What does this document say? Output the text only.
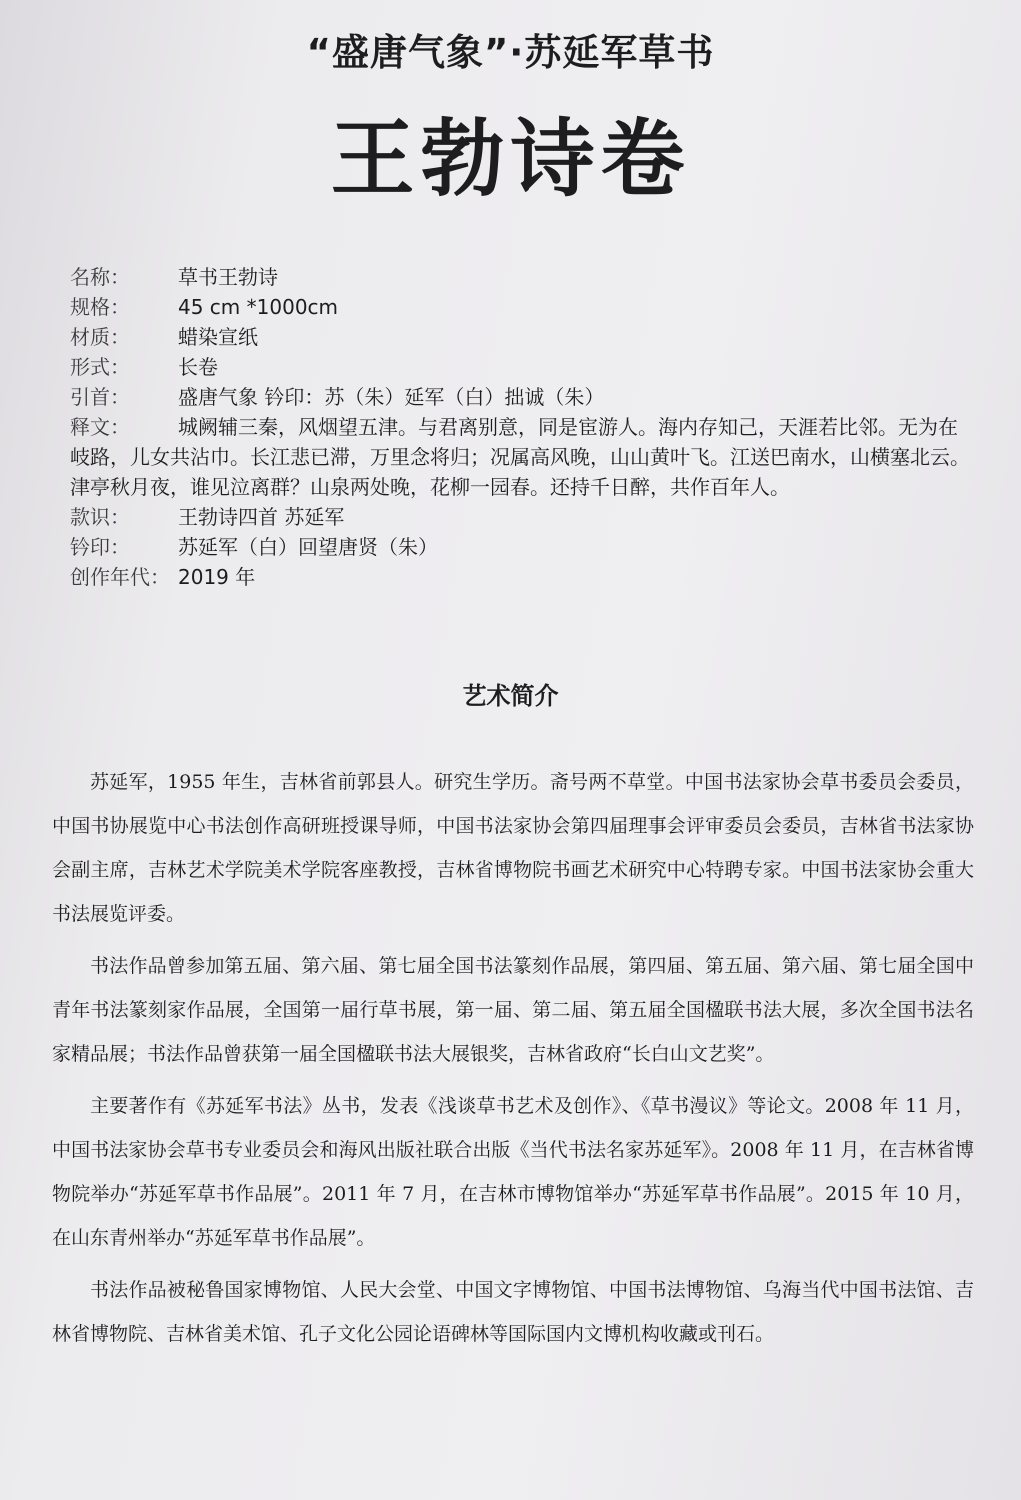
“盛唐气象”·苏延军草书
王勃诗卷
名称：	草书王勃诗
规格：	45 cm *1000cm
材质：	蜡染宣纸
形式：	长卷
引首：	盛唐气象 钤印：苏（朱）延军（白）拙诚（朱）
释文： 城阙辅三秦，风烟望五津。与君离别意，同是宦游人。海内存知己，天涯若比邻。无为在岐路，儿女共沾巾。长江悲已滞，万里念将归；况属高风晚，山山黄叶飞。江送巴南水，山横塞北云。津亭秋月夜，谁见泣离群？山泉两处晚，花柳一园春。还持千日醉，共作百年人。
款识：	王勃诗四首 苏延军
钤印：	苏延军（白）回望唐贤（朱）
创作年代： 2019 年
艺术简介

苏延军，1955 年生，吉林省前郭县人。研究生学历。斋号两不草堂。中国书法家协会草书委员会委员，中国书协展览中心书法创作高研班授课导师，中国书法家协会第四届理事会评审委员会委员，吉林省书法家协会副主席，吉林艺术学院美术学院客座教授，吉林省博物院书画艺术研究中心特聘专家。中国书法家协会重大书法展览评委。

书法作品曾参加第五届、第六届、第七届全国书法篆刻作品展，第四届、第五届、第六届、第七届全国中青年书法篆刻家作品展，全国第一届行草书展，第一届、第二届、第五届全国楹联书法大展，多次全国书法名家精品展；书法作品曾获第一届全国楹联书法大展银奖，吉林省政府“长白山文艺奖”。

主要著作有《苏延军书法》丛书，发表《浅谈草书艺术及创作》、《草书漫议》等论文。2008 年 11 月，中国书法家协会草书专业委员会和海风出版社联合出版《当代书法名家苏延军》。2008 年 11 月，在吉林省博物院举办“苏延军草书作品展”。2011 年 7 月，在吉林市博物馆举办“苏延军草书作品展”。2015 年 10 月，在山东青州举办“苏延军草书作品展”。

书法作品被秘鲁国家博物馆、人民大会堂、中国文字博物馆、中国书法博物馆、乌海当代中国书法馆、吉林省博物院、吉林省美术馆、孔子文化公园论语碑林等国际国内文博机构收藏或刊石。
